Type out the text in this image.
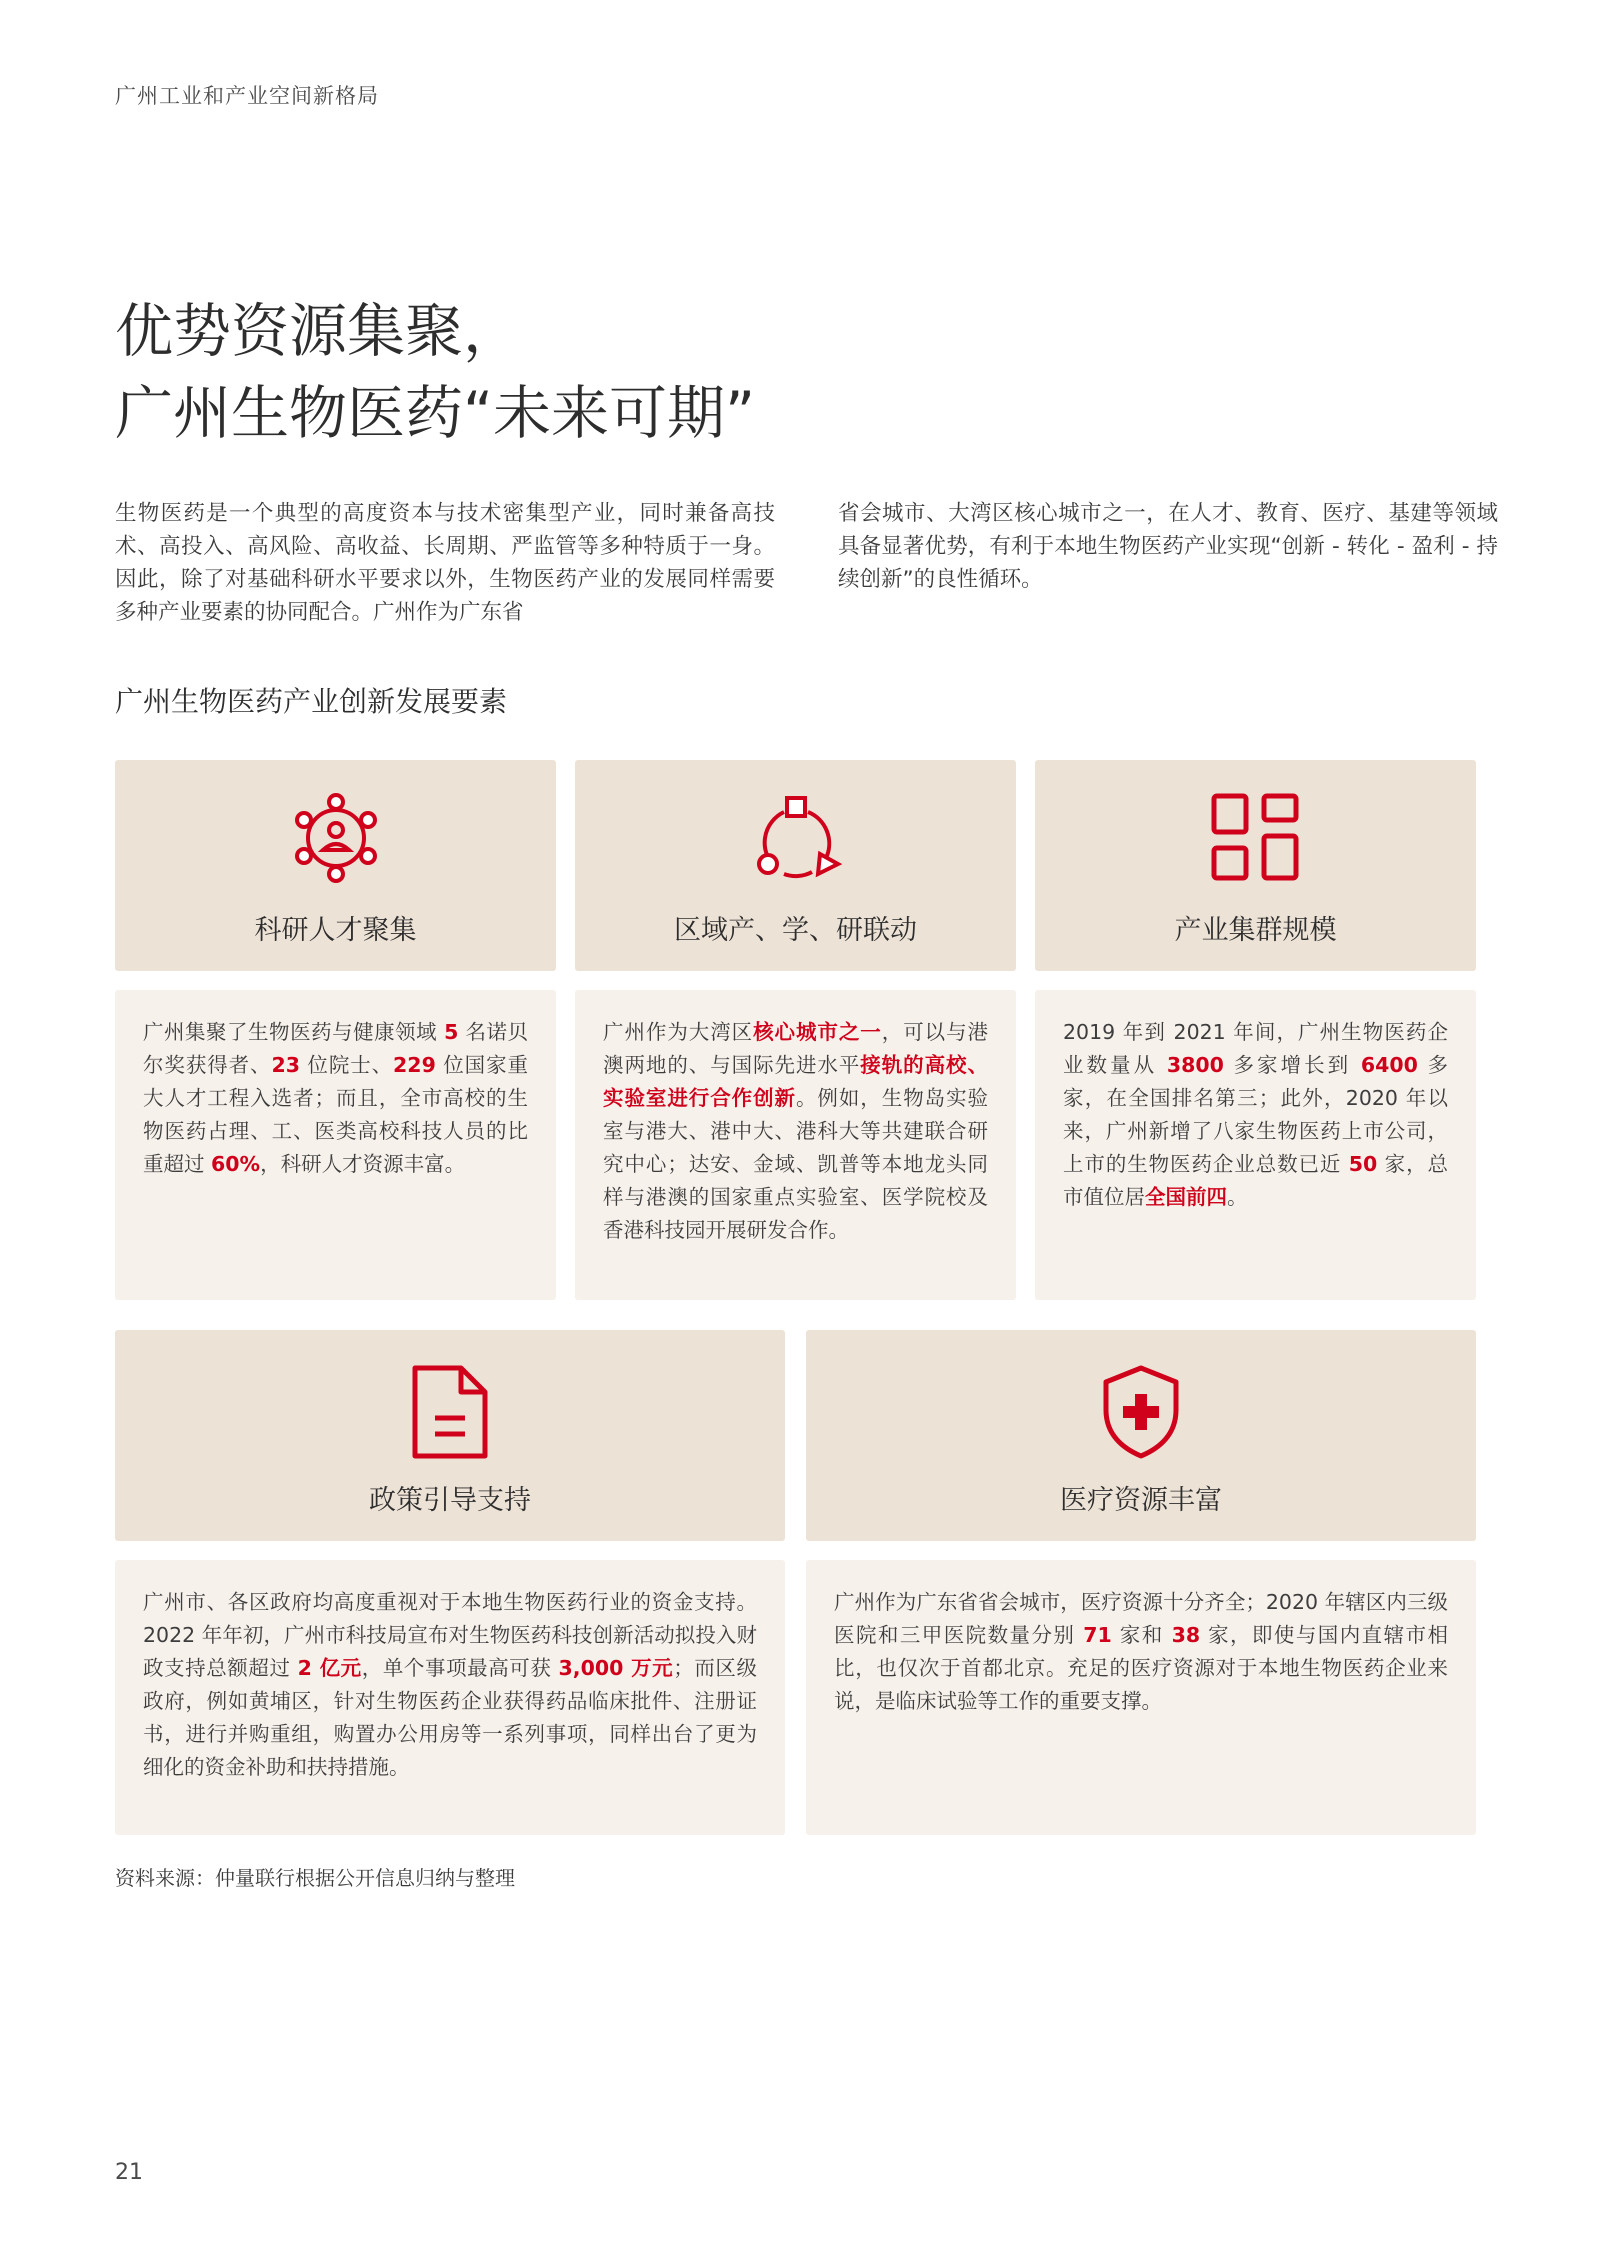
广州工业和产业空间新格局
优势资源集聚，
广州生物医药“未来可期”

生物医药是一个典型的高度资本与技术密集型产业，同时兼备高技术、高投入、高风险、高收益、长周期、严监管等多种特质于一身。因此，除了对基础科研水平要求以外，生物医药产业的发展同样需要多种产业要素的协同配合。广州作为广东省

省会城市、大湾区核心城市之一，在人才、教育、医疗、基建等领域具备显著优势，有利于本地生物医药产业实现“创新 - 转化 - 盈利 - 持续创新”的良性循环。

广州生物医药产业创新发展要素
科研人才聚集

广州集聚了生物医药与健康领域 5 名诺贝尔奖获得者、23 位院士、229 位国家重大人才工程入选者；而且，全市高校的生物医药占理、工、医类高校科技人员的比重超过 60%，科研人才资源丰富。

区域产、学、研联动

广州作为大湾区核心城市之一，可以与港澳两地的、与国际先进水平接轨的高校、实验室进行合作创新。例如，生物岛实验室与港大、港中大、港科大等共建联合研究中心；达安、金域、凯普等本地龙头同样与港澳的国家重点实验室、医学院校及香港科技园开展研发合作。

产业集群规模

2019 年到 2021 年间，广州生物医药企业数量从 3800 多家增长到 6400 多家，在全国排名第三；此外，2020 年以来，广州新增了八家生物医药上市公司，上市的生物医药企业总数已近 50 家，总市值位居全国前四。

政策引导支持

广州市、各区政府均高度重视对于本地生物医药行业的资金支持。2022 年年初，广州市科技局宣布对生物医药科技创新活动拟投入财政支持总额超过 2 亿元，单个事项最高可获 3,000 万元；而区级政府，例如黄埔区，针对生物医药企业获得药品临床批件、注册证书，进行并购重组，购置办公用房等一系列事项，同样出台了更为细化的资金补助和扶持措施。

医疗资源丰富

广州作为广东省省会城市，医疗资源十分齐全；2020 年辖区内三级医院和三甲医院数量分别 71 家和 38 家，即使与国内直辖市相比，也仅次于首都北京。充足的医疗资源对于本地生物医药企业来说，是临床试验等工作的重要支撑。

资料来源：仲量联行根据公开信息归纳与整理
21
